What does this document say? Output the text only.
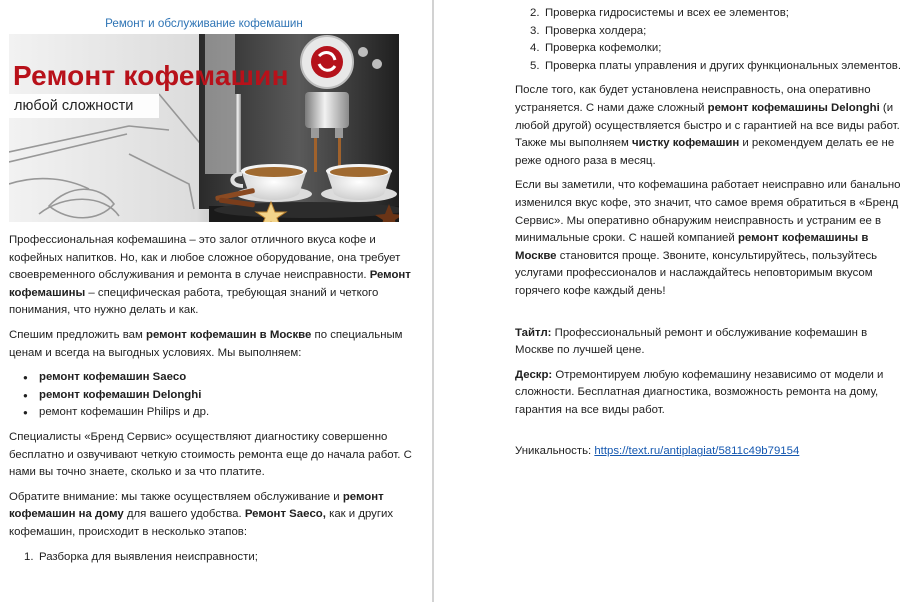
Ремонт и обслуживание кофемашин
Ремонт кофемашин
любой сложности

Профессиональная кофемашина – это залог отличного вкуса кофе и кофейных напитков. Но, как и любое сложное оборудование, она требует своевременного обслуживания и ремонта в случае неисправности. Ремонт кофемашины – специфическая работа, требующая знаний и четкого понимания, что нужно делать и как.

Спешим предложить вам ремонт кофемашин в Москве по специальным ценам и всегда на выгодных условиях. Мы выполняем:

● ремонт кофемашин Saeco
● ремонт кофемашин Delonghi
● ремонт кофемашин Philips и др.

Специалисты «Бренд Сервис» осуществляют диагностику совершенно бесплатно и озвучивают четкую стоимость ремонта еще до начала работ. С нами вы точно знаете, сколько и за что платите.

Обратите внимание: мы также осуществляем обслуживание и ремонт кофемашин на дому для вашего удобства. Ремонт Saeco, как и других кофемашин, происходит в несколько этапов:

1. Разборка для выявления неисправности;
2. Проверка гидросистемы и всех ее элементов;
3. Проверка холдера;
4. Проверка кофемолки;
5. Проверка платы управления и других функциональных элементов.

После того, как будет установлена неисправность, она оперативно устраняется. С нами даже сложный ремонт кофемашины Delonghi (и любой другой) осуществляется быстро и с гарантией на все виды работ. Также мы выполняем чистку кофемашин и рекомендуем делать ее не реже одного раза в месяц.

Если вы заметили, что кофемашина работает неисправно или банально изменился вкус кофе, это значит, что самое время обратиться в «Бренд Сервис». Мы оперативно обнаружим неисправность и устраним ее в минимальные сроки. С нашей компанией ремонт кофемашины в Москве становится проще. Звоните, консультируйтесь, пользуйтесь услугами профессионалов и наслаждайтесь неповторимым вкусом горячего кофе каждый день!

Тайтл: Профессиональный ремонт и обслуживание кофемашин в Москве по лучшей цене.

Дескр: Отремонтируем любую кофемашину независимо от модели и сложности. Бесплатная диагностика, возможность ремонта на дому, гарантия на все виды работ.

Уникальность: https://text.ru/antiplagiat/5811c49b79154
